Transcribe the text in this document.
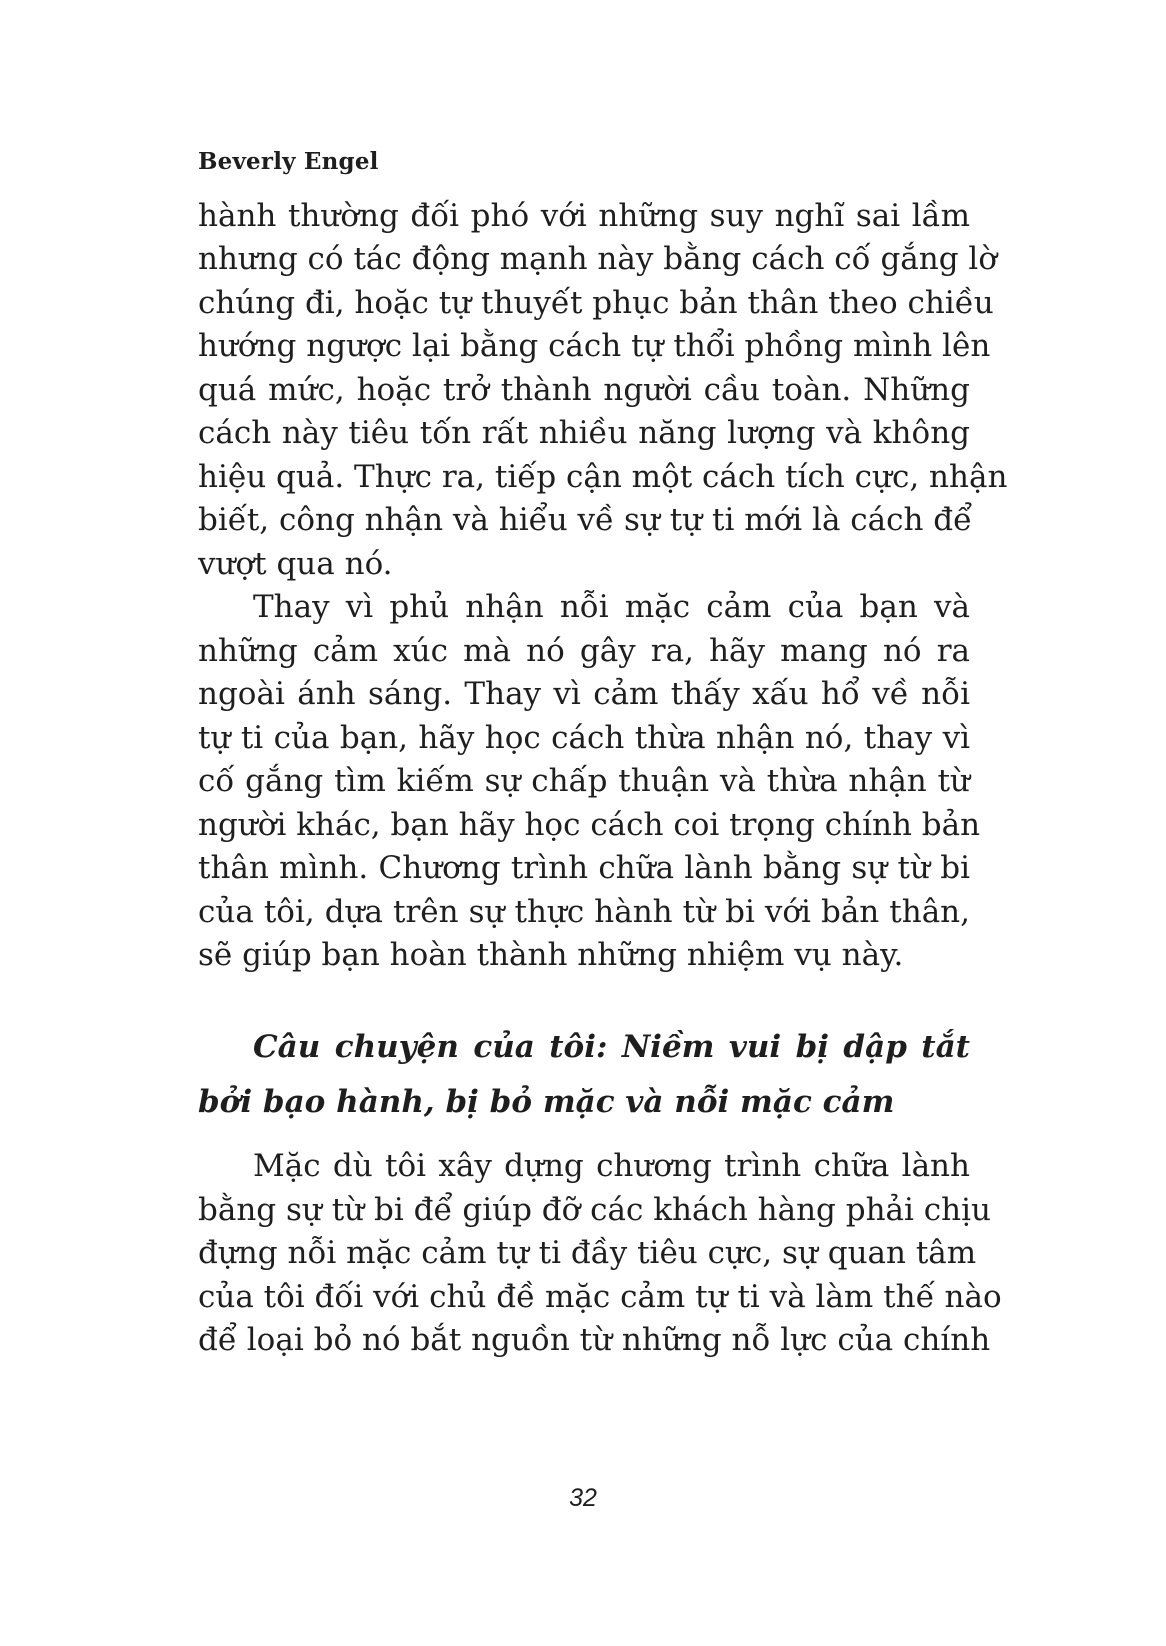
Beverly Engel
hành thường đối phó với những suy nghĩ sai lầm
nhưng có tác động mạnh này bằng cách cố gắng lờ
chúng đi, hoặc tự thuyết phục bản thân theo chiều
hướng ngược lại bằng cách tự thổi phồng mình lên
quá mức, hoặc trở thành người cầu toàn. Những
cách này tiêu tốn rất nhiều năng lượng và không
hiệu quả. Thực ra, tiếp cận một cách tích cực, nhận
biết, công nhận và hiểu về sự tự ti mới là cách để
vượt qua nó.
Thay vì phủ nhận nỗi mặc cảm của bạn và
những cảm xúc mà nó gây ra, hãy mang nó ra
ngoài ánh sáng. Thay vì cảm thấy xấu hổ về nỗi
tự ti của bạn, hãy học cách thừa nhận nó, thay vì
cố gắng tìm kiếm sự chấp thuận và thừa nhận từ
người khác, bạn hãy học cách coi trọng chính bản
thân mình. Chương trình chữa lành bằng sự từ bi
của tôi, dựa trên sự thực hành từ bi với bản thân,
sẽ giúp bạn hoàn thành những nhiệm vụ này.
Câu chuyện của tôi: Niềm vui bị dập tắt
bởi bạo hành, bị bỏ mặc và nỗi mặc cảm
Mặc dù tôi xây dựng chương trình chữa lành
bằng sự từ bi để giúp đỡ các khách hàng phải chịu
đựng nỗi mặc cảm tự ti đầy tiêu cực, sự quan tâm
của tôi đối với chủ đề mặc cảm tự ti và làm thế nào
để loại bỏ nó bắt nguồn từ những nỗ lực của chính
32
